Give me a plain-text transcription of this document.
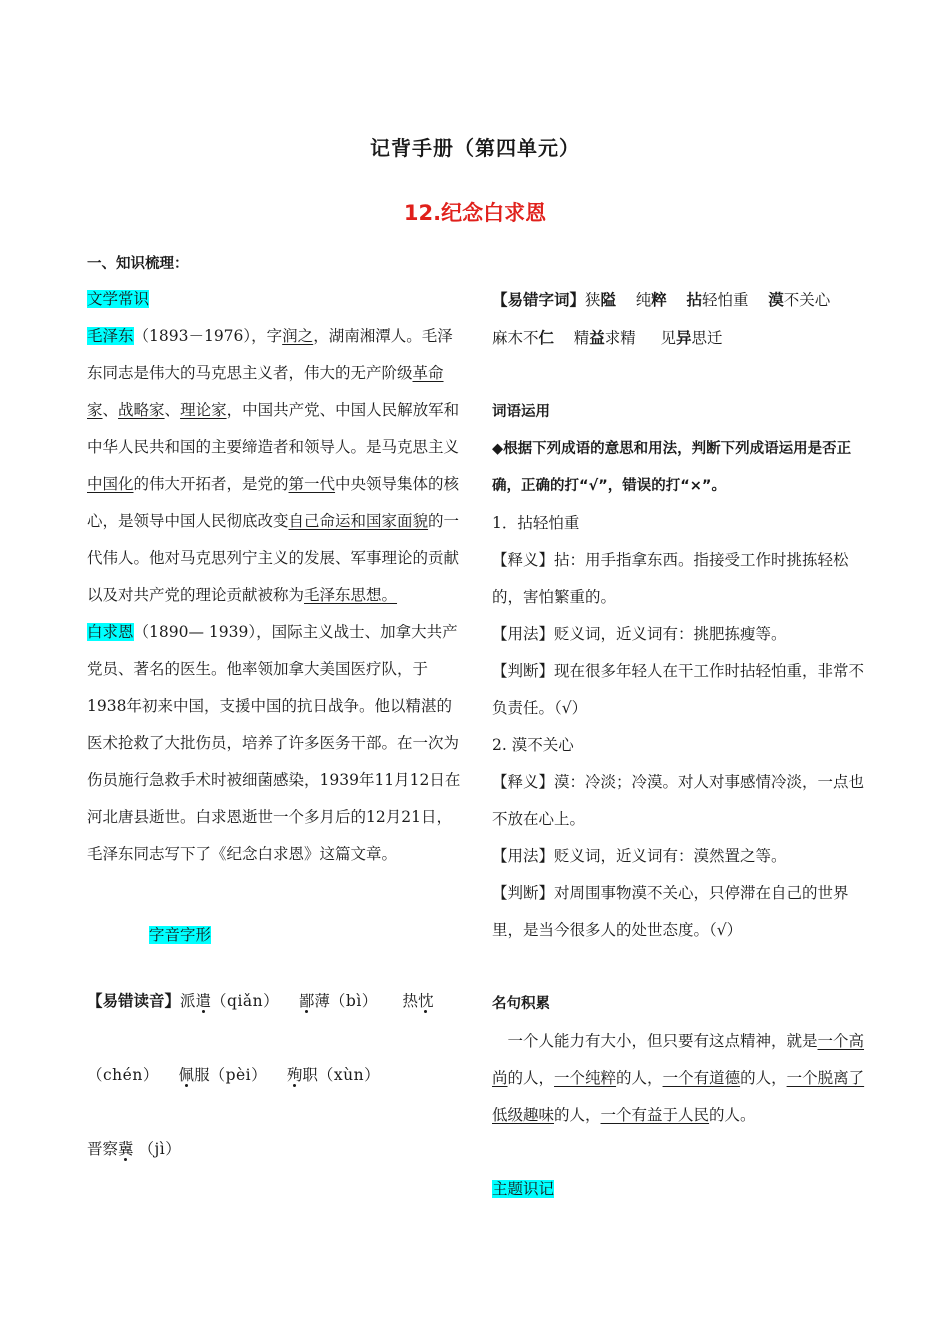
记背手册（第四单元）
12.纪念白求恩
一、知识梳理：

文学常识

毛泽东（1893－1976），字润之，湖南湘潭人。毛泽东同志是伟大的马克思主义者，伟大的无产阶级革命家、战略家、理论家，中国共产党、中国人民解放军和中华人民共和国的主要缔造者和领导人。是马克思主义中国化的伟大开拓者，是党的第一代中央领导集体的核心，是领导中国人民彻底改变自己命运和国家面貌的一代伟人。他对马克思列宁主义的发展、军事理论的贡献以及对共产党的理论贡献被称为毛泽东思想。

白求恩（1890— 1939），国际主义战士、加拿大共产党员、著名的医生。他率领加拿大美国医疗队，于1938年初来中国，支援中国的抗日战争。他以精湛的医术抢救了大批伤员，培养了许多医务干部。在一次为伤员施行急救手术时被细菌感染，1939年11月12日在河北唐县逝世。白求恩逝世一个多月后的12月21日，毛泽东同志写下了《纪念白求恩》这篇文章。

字音字形

【易错读音】派遣（qiǎn） 鄙薄（bì） 热忱（chén） 佩服（pèi） 殉职（xùn）
晋察冀 （jì）

【易错字词】狭隘 纯粹 拈轻怕重 漠不关心
麻木不仁 精益求精 见异思迁

词语运用

◆根据下列成语的意思和用法，判断下列成语运用是否正确，正确的打“√”，错误的打“×”。

1．拈轻怕重

【释义】拈：用手指拿东西。指接受工作时挑拣轻松的，害怕繁重的。

【用法】贬义词，近义词有：挑肥拣瘦等。

【判断】现在很多年轻人在干工作时拈轻怕重，非常不负责任。（√）

2. 漠不关心

【释义】漠：冷淡；冷漠。对人对事感情冷淡，一点也不放在心上。

【用法】贬义词，近义词有：漠然置之等。

【判断】对周围事物漠不关心，只停滞在自己的世界里，是当今很多人的处世态度。（√）

名句积累

一个人能力有大小，但只要有这点精神，就是一个高尚的人，一个纯粹的人，一个有道德的人，一个脱离了低级趣味的人，一个有益于人民的人。

主题识记
